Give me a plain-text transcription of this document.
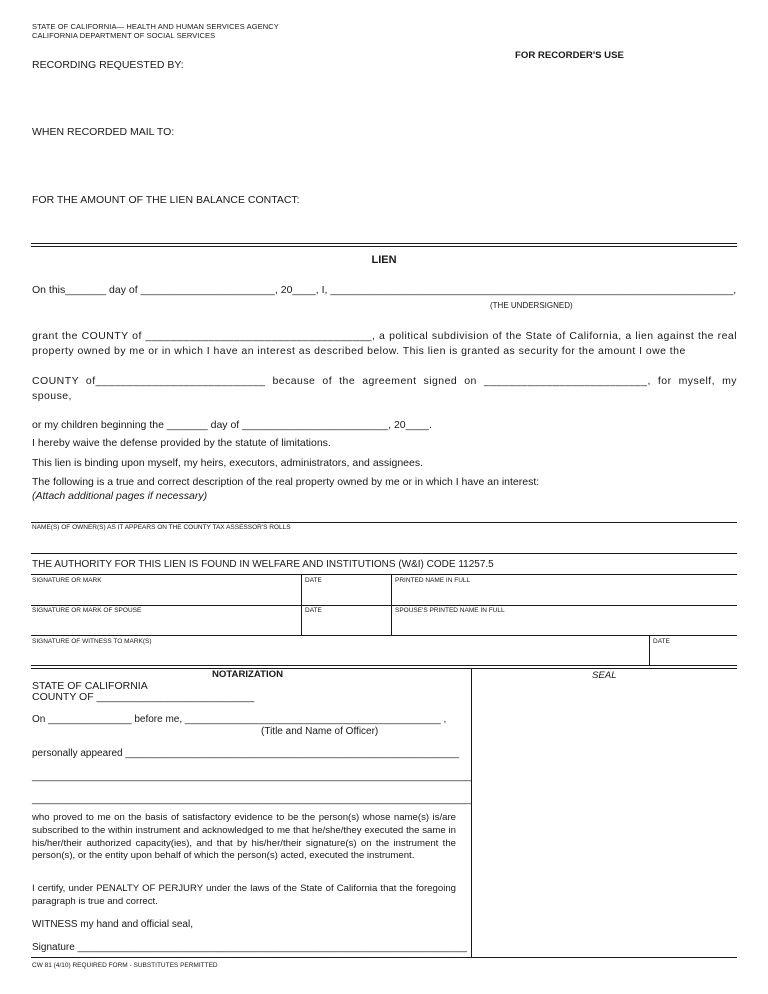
STATE OF CALIFORNIA— HEALTH AND HUMAN SERVICES AGENCY
CALIFORNIA DEPARTMENT OF SOCIAL SERVICES
FOR RECORDER'S USE
RECORDING REQUESTED BY:
WHEN RECORDED MAIL TO:
FOR THE AMOUNT OF THE LIEN BALANCE CONTACT:
LIEN
On this_______ day of _______________________, 20____, I, _____________________________________________________________________,
(THE UNDERSIGNED)
grant the COUNTY of ____________________________________, a political subdivision of the State of California, a lien against the real property owned by me or in which I have an interest as described below. This lien is granted as security for the amount I owe the
COUNTY of___________________________ because of the agreement signed on __________________________, for myself, my spouse,
or my children beginning the _______ day of _________________________, 20____.
I hereby waive the defense provided by the statute of limitations.
This lien is binding upon myself, my heirs, executors, administrators, and assignees.
The following is a true and correct description of the real property owned by me or in which I have an interest:
(Attach additional pages if necessary)
NAME(S) OF OWNER(S) AS IT APPEARS ON THE COUNTY TAX ASSESSOR'S ROLLS
THE AUTHORITY FOR THIS LIEN IS FOUND IN WELFARE AND INSTITUTIONS (W&I) CODE 11257.5
SIGNATURE OR MARK	DATE	PRINTED NAME IN FULL
SIGNATURE OR MARK OF SPOUSE	DATE	SPOUSE'S PRINTED NAME IN FULL
SIGNATURE OF WITNESS TO MARK(S)	DATE
NOTARIZATION	SEAL
STATE OF CALIFORNIA
COUNTY OF ___________________________
On _______________ before me, ______________________________________________ ,
(Title and Name of Officer)
personally appeared ____________________________________________________________
_______________________________________________________________________________
_______________________________________________________________________________
who proved to me on the basis of satisfactory evidence to be the person(s) whose name(s) is/are subscribed to the within instrument and acknowledged to me that he/she/they executed the same in his/her/their authorized capacity(ies), and that by his/her/their signature(s) on the instrument the person(s), or the entity upon behalf of which the person(s) acted, executed the instrument.
I certify, under PENALTY OF PERJURY under the laws of the State of California that the foregoing paragraph is true and correct.
WITNESS my hand and official seal,
Signature ______________________________________________________________________
CW 81 (4/10) REQUIRED FORM - SUBSTITUTES PERMITTED
